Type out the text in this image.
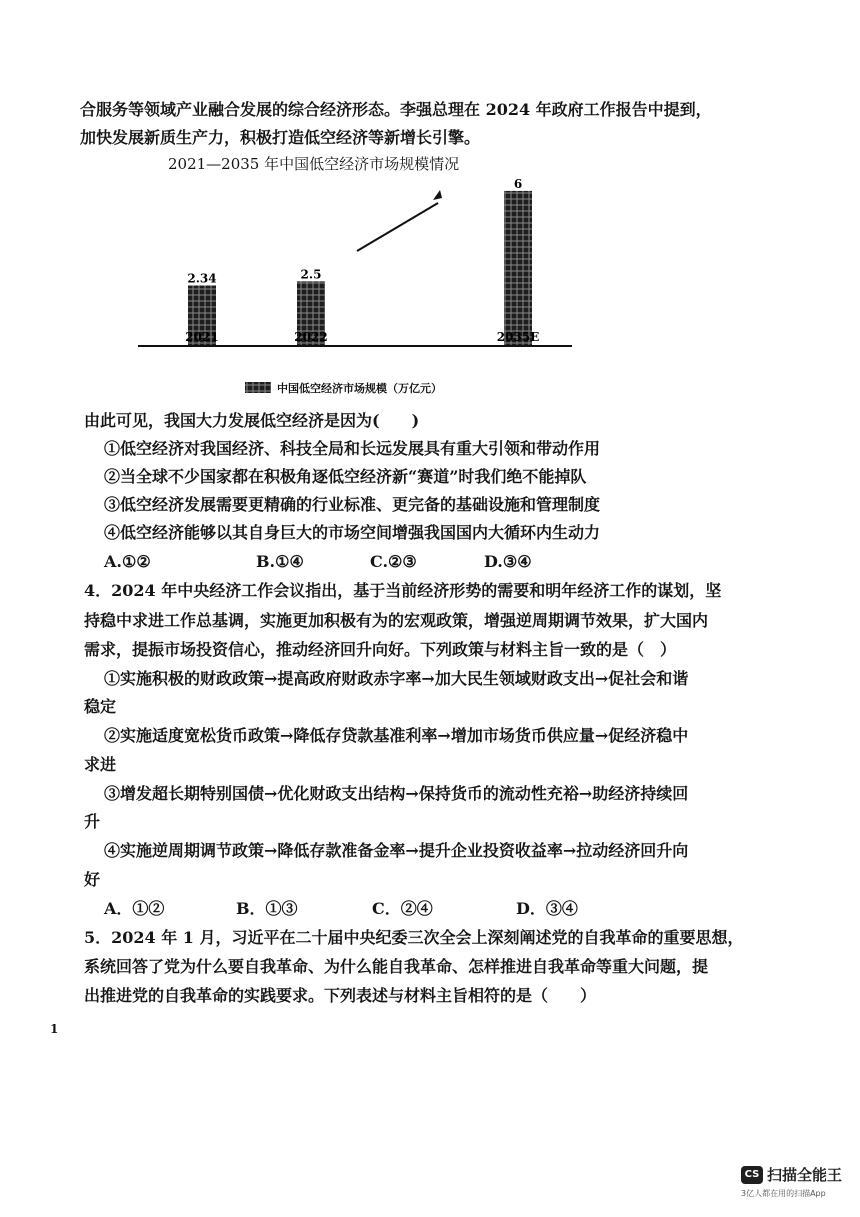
合服务等领域产业融合发展的综合经济形态。李强总理在 2024 年政府工作报告中提到，
加快发展新质生产力，积极打造低空经济等新增长引擎。
2021—2035 年中国低空经济市场规模情况
2.34
2021
2.5
2022
6
2035E
中国低空经济市场规模（万亿元）
由此可见，我国大力发展低空经济是因为(　　)
①低空经济对我国经济、科技全局和长远发展具有重大引领和带动作用
②当全球不少国家都在积极角逐低空经济新“赛道”时我们绝不能掉队
③低空经济发展需要更精确的行业标准、更完备的基础设施和管理制度
④低空经济能够以其自身巨大的市场空间增强我国国内大循环内生动力
A.①②	B.①④	C.②③	D.③④
4．2024 年中央经济工作会议指出，基于当前经济形势的需要和明年经济工作的谋划，坚
持稳中求进工作总基调，实施更加积极有为的宏观政策，增强逆周期调节效果，扩大国内
需求，提振市场投资信心，推动经济回升向好。下列政策与材料主旨一致的是（　）
①实施积极的财政政策→提高政府财政赤字率→加大民生领域财政支出→促社会和谐
稳定
②实施适度宽松货币政策→降低存贷款基准利率→增加市场货币供应量→促经济稳中
求进
③增发超长期特别国债→优化财政支出结构→保持货币的流动性充裕→助经济持续回
升
④实施逆周期调节政策→降低存款准备金率→提升企业投资收益率→拉动经济回升向
好
A．①②	B．①③	C．②④	D．③④
5．2024 年 1 月，习近平在二十届中央纪委三次全会上深刻阐述党的自我革命的重要思想，
系统回答了党为什么要自我革命、为什么能自我革命、怎样推进自我革命等重大问题，提
出推进党的自我革命的实践要求。下列表述与材料主旨相符的是（　　）
1
CS 扫描全能王
3亿人都在用的扫描App
